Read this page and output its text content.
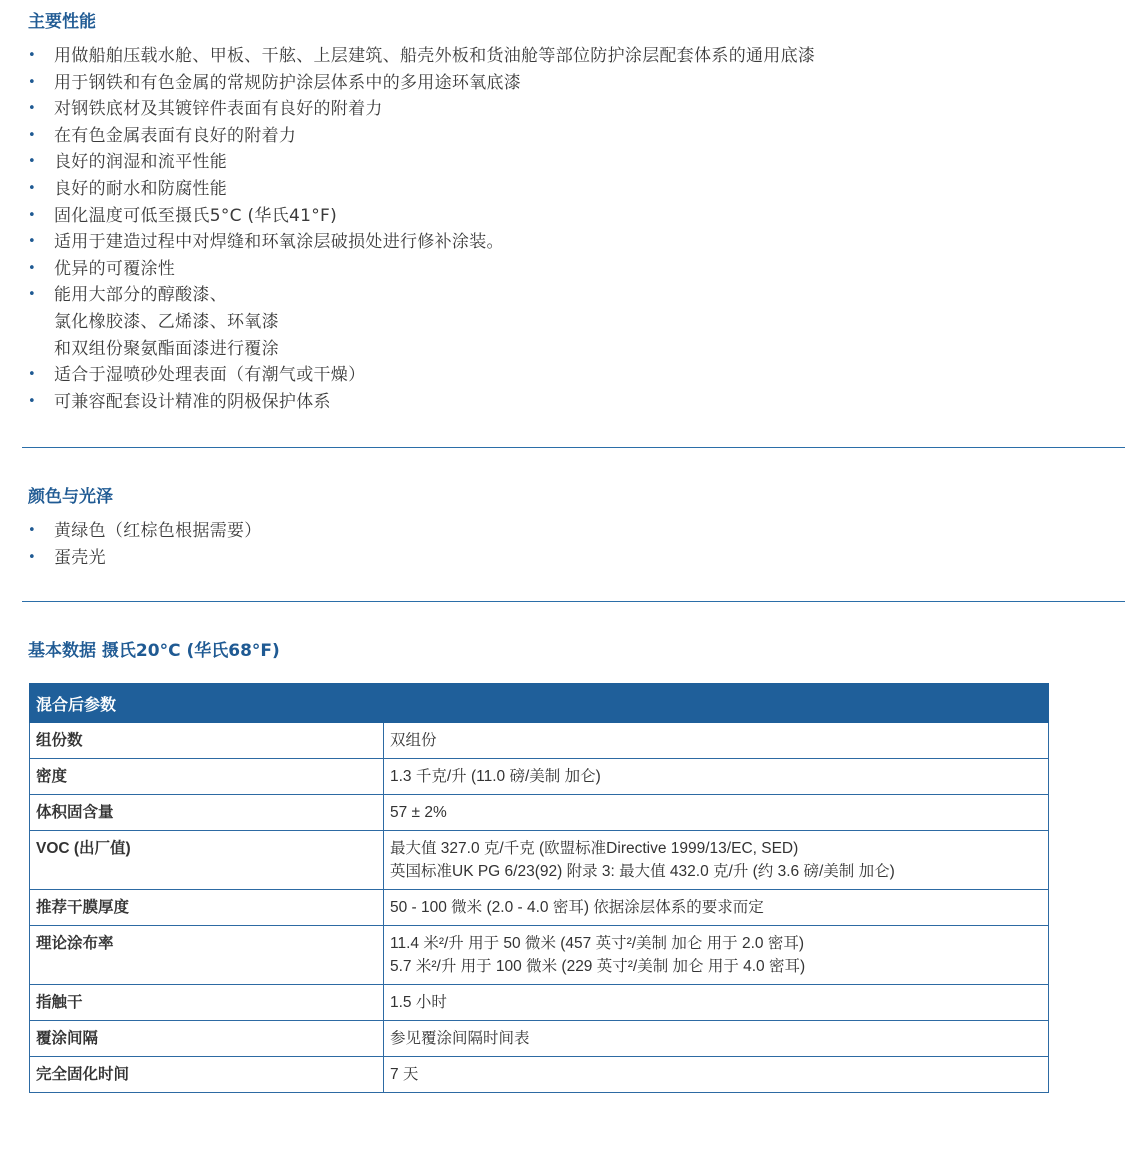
主要性能
• 用做船舶压载水舱、甲板、干舷、上层建筑、船壳外板和货油舱等部位防护涂层配套体系的通用底漆
• 用于钢铁和有色金属的常规防护涂层体系中的多用途环氧底漆
• 对钢铁底材及其镀锌件表面有良好的附着力
• 在有色金属表面有良好的附着力
• 良好的润湿和流平性能
• 良好的耐水和防腐性能
• 固化温度可低至摄氏5°C (华氏41°F)
• 适用于建造过程中对焊缝和环氧涂层破损处进行修补涂装。
• 优异的可覆涂性
• 能用大部分的醇酸漆、
氯化橡胶漆、乙烯漆、环氧漆
和双组份聚氨酯面漆进行覆涂
• 适合于湿喷砂处理表面（有潮气或干燥）
• 可兼容配套设计精准的阴极保护体系
颜色与光泽
• 黄绿色（红棕色根据需要）
• 蛋壳光
基本数据 摄氏20°C (华氏68°F)
混合后参数	
组份数	双组份
密度	1.3 千克/升 (11.0 磅/美制 加仑)
体积固含量	57 ± 2%
VOC (出厂值)	最大值 327.0 克/千克 (欧盟标准Directive 1999/13/EC, SED)
英国标准UK PG 6/23(92) 附录 3: 最大值 432.0 克/升 (约 3.6 磅/美制 加仑)
推荐干膜厚度	50 - 100 微米 (2.0 - 4.0 密耳) 依据涂层体系的要求而定
理论涂布率	11.4 米²/升 用于 50 微米 (457 英寸²/美制 加仑 用于 2.0 密耳)
5.7 米²/升 用于 100 微米 (229 英寸²/美制 加仑 用于 4.0 密耳)
指触干	1.5 小时
覆涂间隔	参见覆涂间隔时间表
完全固化时间	7 天
